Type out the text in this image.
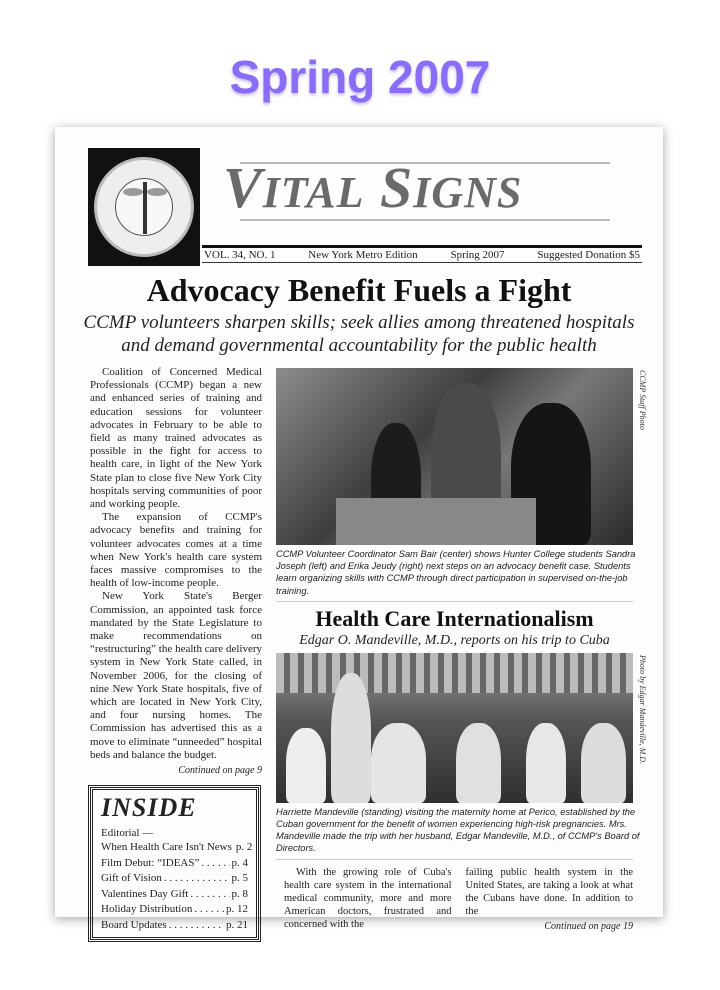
Spring 2007
VITAL SIGNS
VOL. 34, NO. 1	New York Metro Edition	Spring 2007	Suggested Donation $5
Advocacy Benefit Fuels a Fight
CCMP volunteers sharpen skills; seek allies among threatened hospitals and demand governmental accountability for the public health

Coalition of Concerned Medical Professionals (CCMP) began a new and enhanced series of training and education sessions for volunteer advocates in February to be able to field as many trained advocates as possible in the fight for access to health care, in light of the New York State plan to close five New York City hospitals serving communities of poor and working people.

The expansion of CCMP's advocacy benefits and training for volunteer advocates comes at a time when New York's health care system faces massive compromises to the health of low-income people.

New York State's Berger Commission, an appointed task force mandated by the State Legislature to make recommendations on “restructuring” the health care delivery system in New York State called, in November 2006, for the closing of nine New York State hospitals, five of which are located in New York City, and four nursing homes. The Commission has advertised this as a move to eliminate “unneeded” hospital beds and balance the budget.

Continued on page 9
INSIDE
Editorial —
When Health Care Isn't News p. 2
Film Debut: “IDEAS” . . .	p. 4
Gift of Vision . . .	p. 5
Valentines Day Gift . . .	p. 8
Holiday Distribution . . .	p. 12
Board Updates . . .	p. 21
CCMP Staff Photo
CCMP Volunteer Coordinator Sam Bair (center) shows Hunter College students Sandra Joseph (left) and Erika Jeudy (right) next steps on an advocacy benefit case. Students learn organizing skills with CCMP through direct participation in supervised on-the-job training.
Health Care Internationalism
Edgar O. Mandeville, M.D., reports on his trip to Cuba
Photo by Edgar Mandeville, M.D.
Harriette Mandeville (standing) visiting the maternity home at Perico, established by the Cuban government for the benefit of women experiencing high-risk pregnancies. Mrs. Mandeville made the trip with her husband, Edgar Mandeville, M.D., of CCMP's Board of Directors.
With the growing role of Cuba's health care system in the international medical community, more and more American doctors, frustrated and concerned with the
failing public health system in the United States, are taking a look at what the Cubans have done. In addition to the
Continued on page 19
